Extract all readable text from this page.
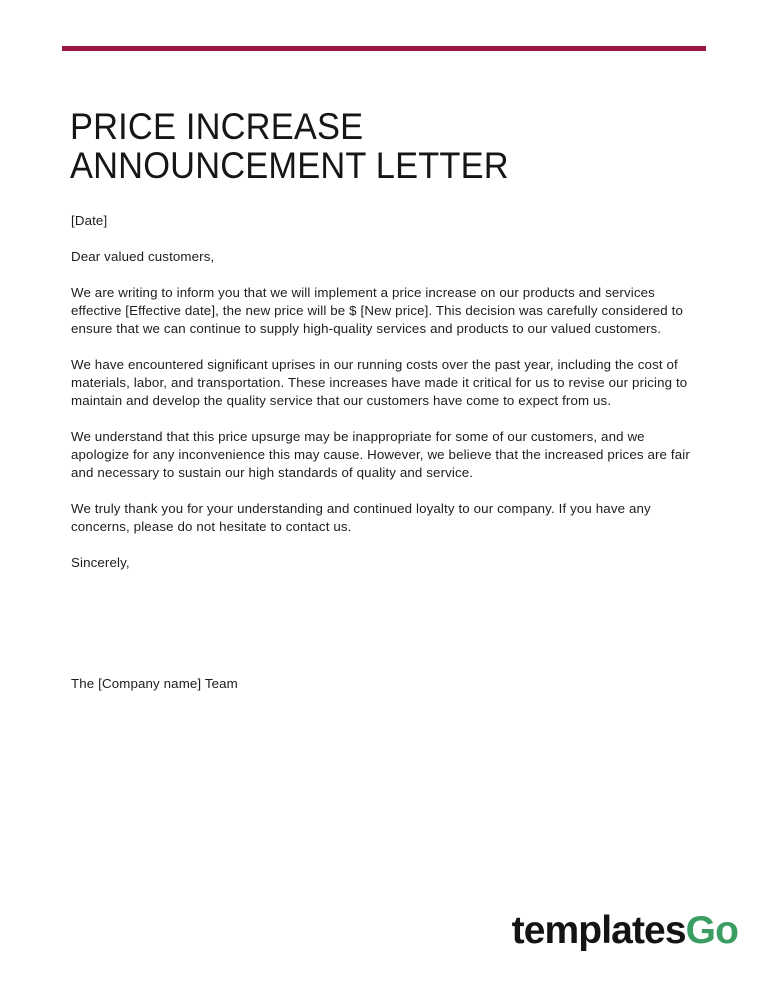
PRICE INCREASE ANNOUNCEMENT LETTER

[Date]

Dear valued customers,

We are writing to inform you that we will implement a price increase on our products and services effective [Effective date], the new price will be $ [New price]. This decision was carefully considered to ensure that we can continue to supply high-quality services and products to our valued customers.

We have encountered significant uprises in our running costs over the past year, including the cost of materials, labor, and transportation. These increases have made it critical for us to revise our pricing to maintain and develop the quality service that our customers have come to expect from us.

We understand that this price upsurge may be inappropriate for some of our customers, and we apologize for any inconvenience this may cause. However, we believe that the increased prices are fair and necessary to sustain our high standards of quality and service.

We truly thank you for your understanding and continued loyalty to our company. If you have any concerns, please do not hesitate to contact us.

Sincerely,

The [Company name] Team
templatesGo
